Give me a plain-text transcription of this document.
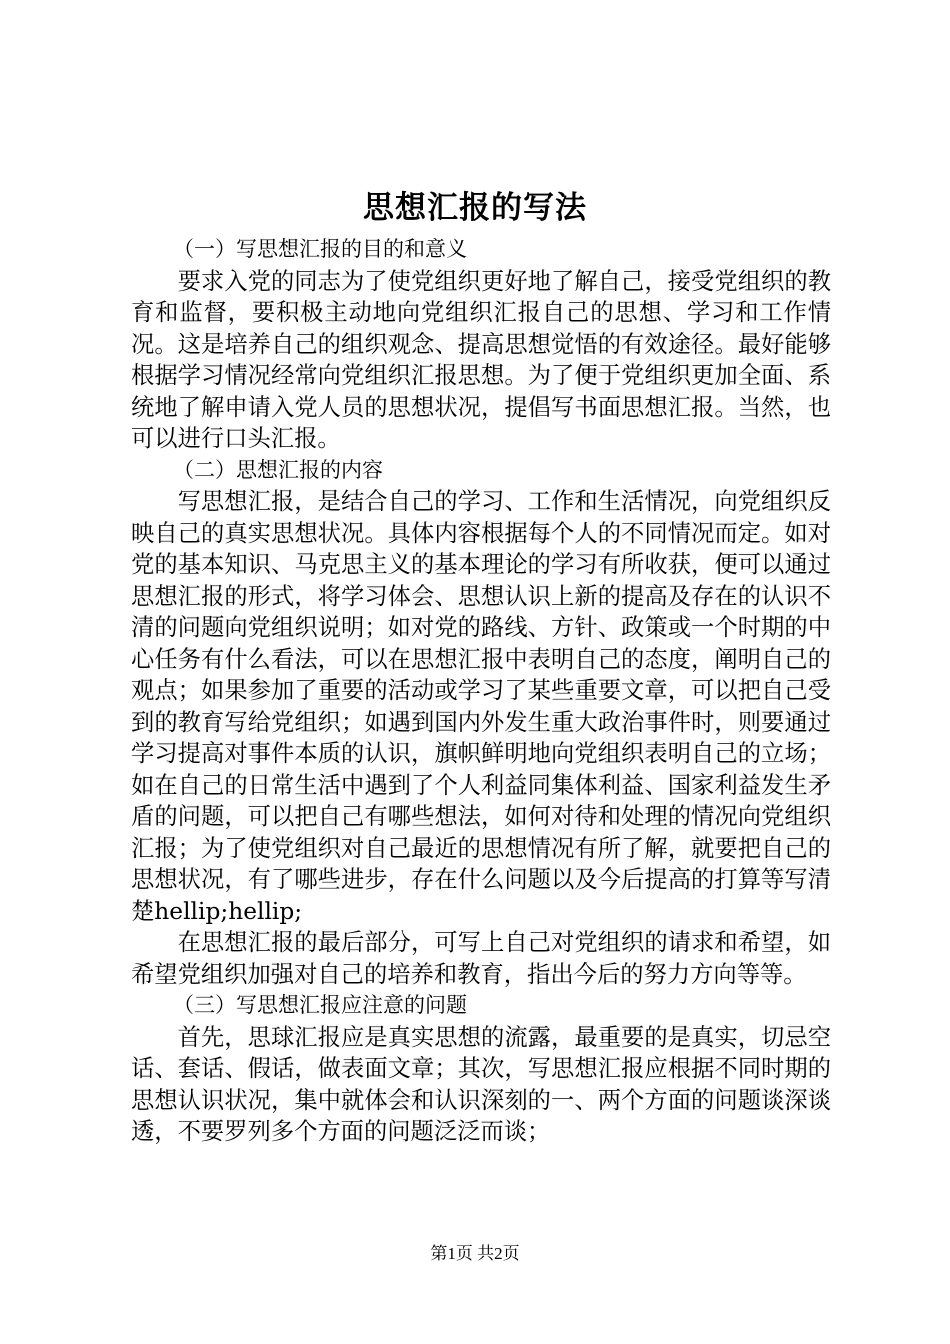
思想汇报的写法

（一）写思想汇报的目的和意义

要求入党的同志为了使党组织更好地了解自己，接受党组织的教育和监督，要积极主动地向党组织汇报自己的思想、学习和工作情况。这是培养自己的组织观念、提高思想觉悟的有效途径。最好能够根据学习情况经常向党组织汇报思想。为了便于党组织更加全面、系统地了解申请入党人员的思想状况，提倡写书面思想汇报。当然，也可以进行口头汇报。

（二）思想汇报的内容

写思想汇报，是结合自己的学习、工作和生活情况，向党组织反映自己的真实思想状况。具体内容根据每个人的不同情况而定。如对党的基本知识、马克思主义的基本理论的学习有所收获，便可以通过思想汇报的形式，将学习体会、思想认识上新的提高及存在的认识不清的问题向党组织说明；如对党的路线、方针、政策或一个时期的中心任务有什么看法，可以在思想汇报中表明自己的态度，阐明自己的观点；如果参加了重要的活动或学习了某些重要文章，可以把自己受到的教育写给党组织；如遇到国内外发生重大政治事件时，则要通过学习提高对事件本质的认识，旗帜鲜明地向党组织表明自己的立场；如在自己的日常生活中遇到了个人利益同集体利益、国家利益发生矛盾的问题，可以把自己有哪些想法，如何对待和处理的情况向党组织汇报；为了使党组织对自己最近的思想情况有所了解，就要把自己的思想状况，有了哪些进步，存在什么问题以及今后提高的打算等写清楚hellip;hellip;

在思想汇报的最后部分，可写上自己对党组织的请求和希望，如希望党组织加强对自己的培养和教育，指出今后的努力方向等等。

（三）写思想汇报应注意的问题

首先，思球汇报应是真实思想的流露，最重要的是真实，切忌空话、套话、假话，做表面文章；其次，写思想汇报应根据不同时期的思想认识状况，集中就体会和认识深刻的一、两个方面的问题谈深谈透，不要罗列多个方面的问题泛泛而谈；

第1页 共2页
